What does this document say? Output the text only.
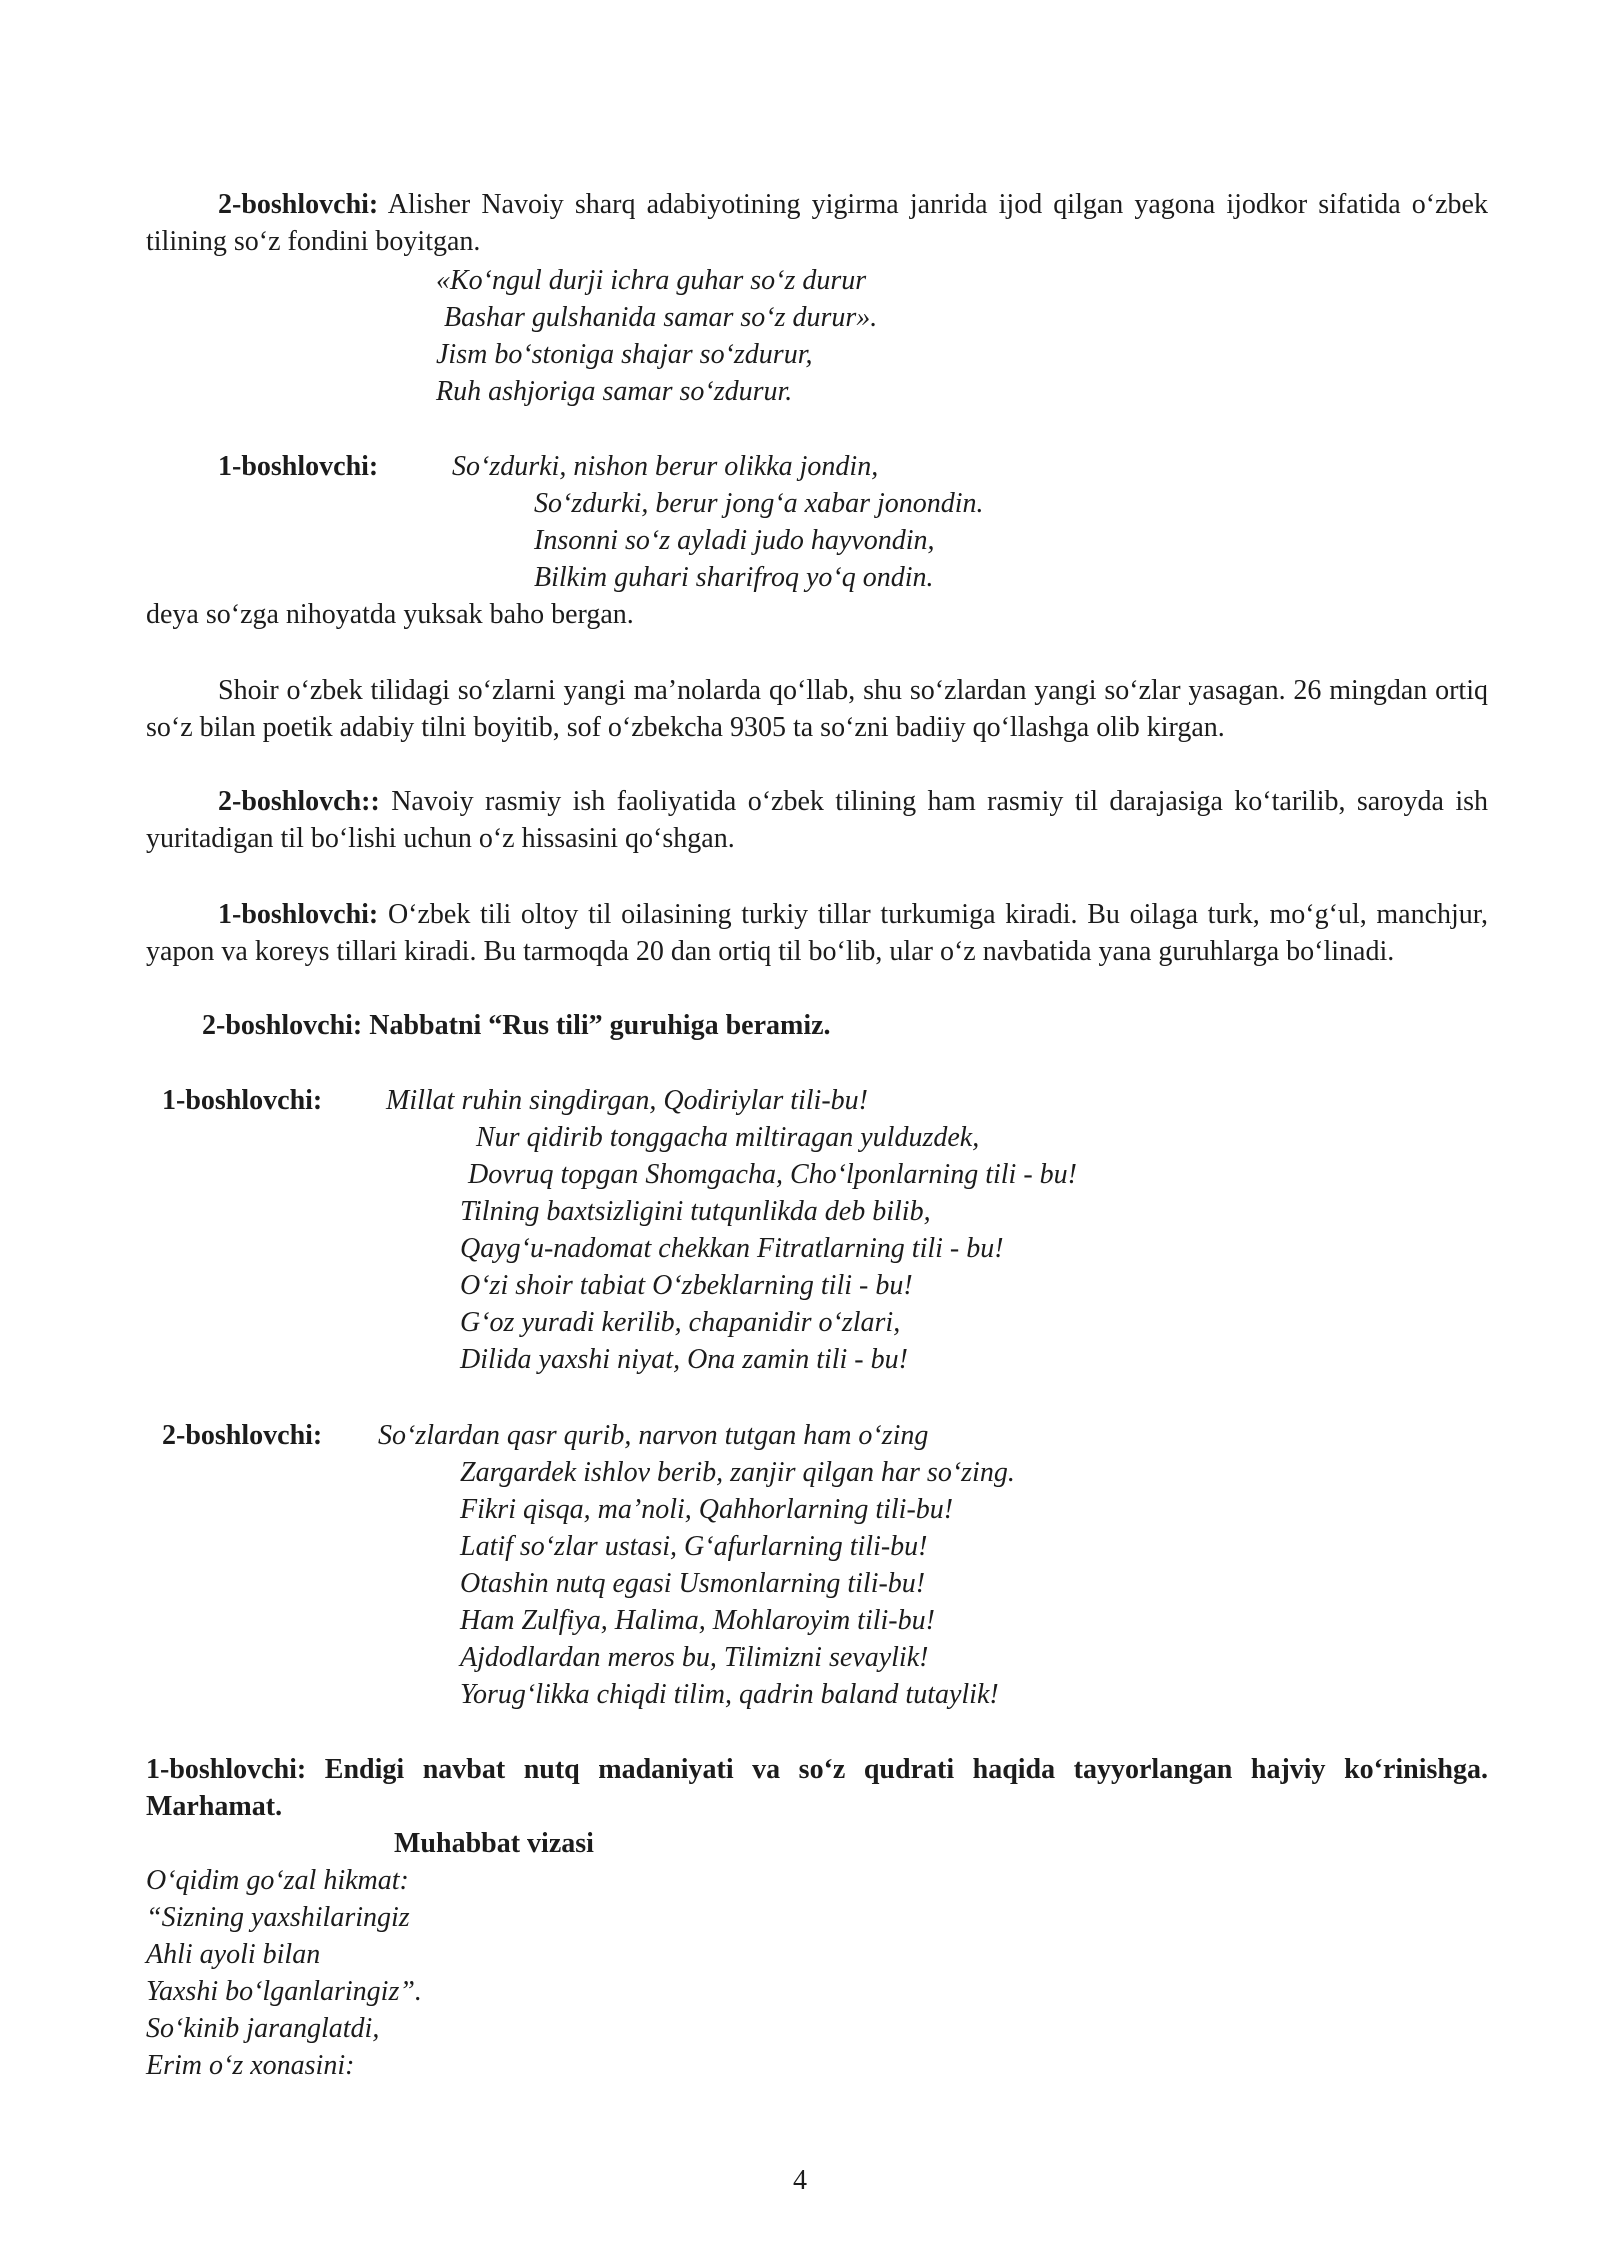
2-boshlovchi: Alisher Navoiy sharq adabiyotining yigirma janrida ijod qilgan yagona ijodkor sifatida o‘zbek tilining so‘z fondini boyitgan.

«Ko‘ngul durji ichra guhar so‘z durur

Bashar gulshanida samar so‘z durur».

Jism bo‘stoniga shajar so‘zdurur,

Ruh ashjoriga samar so‘zdurur.

1-boshlovchi:	So‘zdurki, nishon berur olikka jondin,

So‘zdurki, berur jong‘a xabar jonondin.

Insonni so‘z ayladi judo hayvondin,

Bilkim guhari sharifroq yo‘q ondin.

deya so‘zga nihoyatda yuksak baho bergan.

Shoir o‘zbek tilidagi so‘zlarni yangi ma’nolarda qo‘llab, shu so‘zlardan yangi so‘zlar yasagan. 26 mingdan ortiq so‘z bilan poetik adabiy tilni boyitib, sof o‘zbekcha 9305 ta so‘zni badiiy qo‘llashga olib kirgan.

2-boshlovch:: Navoiy rasmiy ish faoliyatida o‘zbek tilining ham rasmiy til darajasiga ko‘tarilib, saroyda ish yuritadigan til bo‘lishi uchun o‘z hissasini qo‘shgan.

1-boshlovchi: O‘zbek tili oltoy til oilasining turkiy tillar turkumiga kiradi. Bu oilaga turk, mo‘g‘ul, manchjur, yapon va koreys tillari kiradi. Bu tarmoqda 20 dan ortiq til bo‘lib, ular o‘z navbatida yana guruhlarga bo‘linadi.

2-boshlovchi: Nabbatni “Rus tili” guruhiga beramiz.

1-boshlovchi: Millat ruhin singdirgan, Qodiriylar tili-bu!

Nur qidirib tonggacha miltiragan yulduzdek,

Dovruq topgan Shomgacha, Cho‘lponlarning tili - bu!

Tilning baxtsizligini tutqunlikda deb bilib,

Qayg‘u-nadomat chekkan Fitratlarning tili - bu!

O‘zi shoir tabiat O‘zbeklarning tili - bu!

G‘oz yuradi kerilib, chapanidir o‘zlari,

Dilida yaxshi niyat, Ona zamin tili - bu!

2-boshlovchi: So‘zlardan qasr qurib, narvon tutgan ham o‘zing

Zargardek ishlov berib, zanjir qilgan har so‘zing.

Fikri qisqa, ma’noli, Qahhorlarning tili-bu!

Latif so‘zlar ustasi, G‘afurlarning tili-bu!

Otashin nutq egasi Usmonlarning tili-bu!

Ham Zulfiya, Halima, Mohlaroyim tili-bu!

Ajdodlardan meros bu, Tilimizni sevaylik!

Yorug‘likka chiqdi tilim, qadrin baland tutaylik!

1-boshlovchi: Endigi navbat nutq madaniyati va so‘z qudrati haqida tayyorlangan hajviy ko‘rinishga. Marhamat.

Muhabbat vizasi

O‘qidim go‘zal hikmat:

“Sizning yaxshilaringiz

Ahli ayoli bilan

Yaxshi bo‘lganlaringiz”.

So‘kinib jaranglatdi,

Erim o‘z xonasini:

4
